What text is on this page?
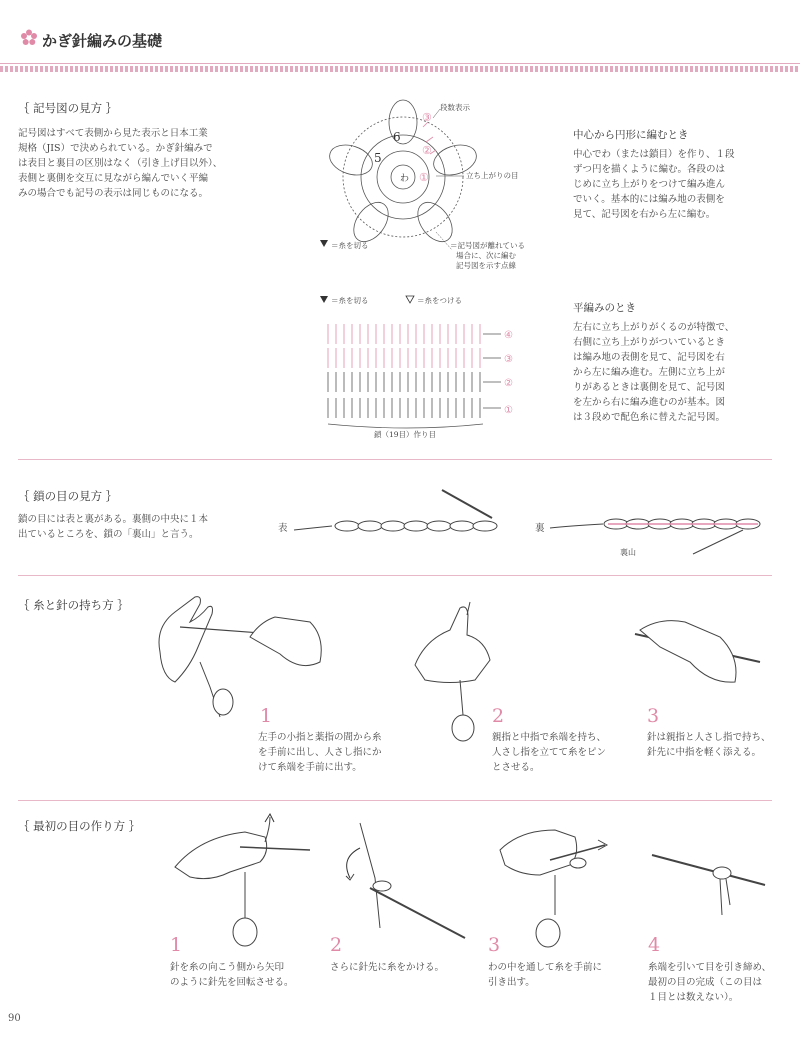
かぎ針編みの基礎
｛ 記号図の見方 ｝
記号図はすべて表側から見た表示と日本工業
規格（JIS）で決められている。かぎ針編みで
は表目と裏目の区別はなく（引き上げ目以外）、
表側と裏側を交互に見ながら編んでいく平編
みの場合でも記号の表示は同じものになる。
わ
6
5
①
②
③
段数表示
立ち上がりの目
＝糸を切る	＝記号図が離れている
場合に、次に編む
記号図を示す点線
中心から円形に編むとき
中心でわ（または鎖目）を作り、１段
ずつ円を描くように編む。各段のは
じめに立ち上がりをつけて編み進ん
でいく。基本的には編み地の表側を
見て、記号図を右から左に編む。
＝糸を切る	＝糸をつける
④
③
②
①
鎖（19目）作り目
平編みのとき
左右に立ち上がりがくるのが特徴で、
右側に立ち上がりがついているとき
は編み地の表側を見て、記号図を右
から左に編み進む。左側に立ち上が
りがあるときは裏側を見て、記号図
を左から右に編み進むのが基本。図
は３段めで配色糸に替えた記号図。
｛ 鎖の目の見方 ｝
鎖の目には表と裏がある。裏側の中央に１本
出ているところを、鎖の「裏山」と言う。
表	裏
裏山
｛ 糸と針の持ち方 ｝
1
左手の小指と薬指の間から糸
を手前に出し、人さし指にか
けて糸端を手前に出す。
2
親指と中指で糸端を持ち、
人さし指を立てて糸をピン
とさせる。
3
針は親指と人さし指で持ち、
針先に中指を軽く添える。
｛ 最初の目の作り方 ｝
1
針を糸の向こう側から矢印
のように針先を回転させる。
2
さらに針先に糸をかける。
3
わの中を通して糸を手前に
引き出す。
4
糸端を引いて目を引き締め、
最初の目の完成（この目は
１目とは数えない）。
90
